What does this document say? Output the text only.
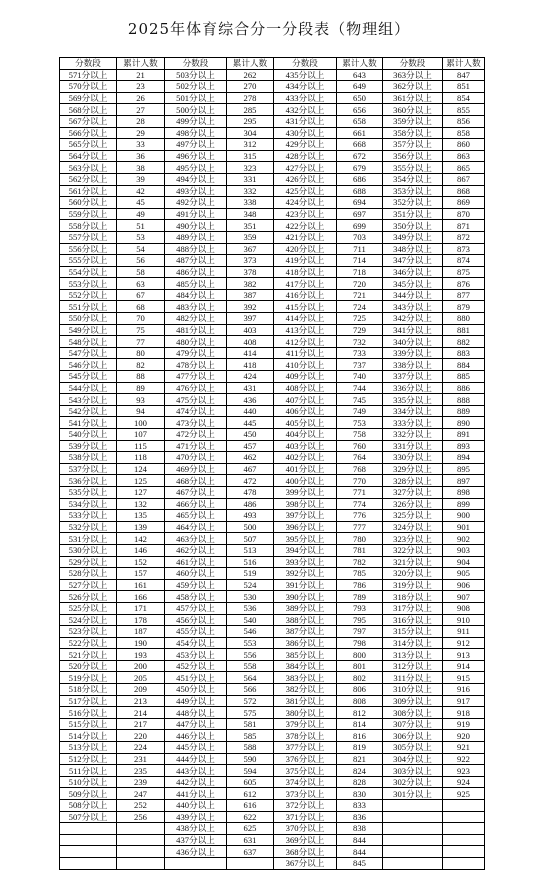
2025年体育综合分一分段表（物理组）
分数段	累计人数	分数段	累计人数	分数段	累计人数	分数段	累计人数
571分以上	21	503分以上	262	435分以上	643	363分以上	847
570分以上	23	502分以上	270	434分以上	649	362分以上	851
569分以上	26	501分以上	278	433分以上	650	361分以上	854
568分以上	27	500分以上	285	432分以上	656	360分以上	855
567分以上	28	499分以上	295	431分以上	658	359分以上	856
566分以上	29	498分以上	304	430分以上	661	358分以上	858
565分以上	33	497分以上	312	429分以上	668	357分以上	860
564分以上	36	496分以上	315	428分以上	672	356分以上	863
563分以上	38	495分以上	323	427分以上	679	355分以上	865
562分以上	39	494分以上	331	426分以上	686	354分以上	867
561分以上	42	493分以上	332	425分以上	688	353分以上	868
560分以上	45	492分以上	338	424分以上	694	352分以上	869
559分以上	49	491分以上	348	423分以上	697	351分以上	870
558分以上	51	490分以上	351	422分以上	699	350分以上	871
557分以上	53	489分以上	359	421分以上	703	349分以上	872
556分以上	54	488分以上	367	420分以上	711	348分以上	873
555分以上	56	487分以上	373	419分以上	714	347分以上	874
554分以上	58	486分以上	378	418分以上	718	346分以上	875
553分以上	63	485分以上	382	417分以上	720	345分以上	876
552分以上	67	484分以上	387	416分以上	721	344分以上	877
551分以上	68	483分以上	392	415分以上	724	343分以上	879
550分以上	70	482分以上	397	414分以上	725	342分以上	880
549分以上	75	481分以上	403	413分以上	729	341分以上	881
548分以上	77	480分以上	408	412分以上	732	340分以上	882
547分以上	80	479分以上	414	411分以上	733	339分以上	883
546分以上	82	478分以上	418	410分以上	737	338分以上	884
545分以上	88	477分以上	424	409分以上	740	337分以上	885
544分以上	89	476分以上	431	408分以上	744	336分以上	886
543分以上	93	475分以上	436	407分以上	745	335分以上	888
542分以上	94	474分以上	440	406分以上	749	334分以上	889
541分以上	100	473分以上	445	405分以上	753	333分以上	890
540分以上	107	472分以上	450	404分以上	758	332分以上	891
539分以上	115	471分以上	457	403分以上	760	331分以上	893
538分以上	118	470分以上	462	402分以上	764	330分以上	894
537分以上	124	469分以上	467	401分以上	768	329分以上	895
536分以上	125	468分以上	472	400分以上	770	328分以上	897
535分以上	127	467分以上	478	399分以上	771	327分以上	898
534分以上	132	466分以上	486	398分以上	774	326分以上	899
533分以上	135	465分以上	493	397分以上	776	325分以上	900
532分以上	139	464分以上	500	396分以上	777	324分以上	901
531分以上	142	463分以上	507	395分以上	780	323分以上	902
530分以上	146	462分以上	513	394分以上	781	322分以上	903
529分以上	152	461分以上	516	393分以上	782	321分以上	904
528分以上	157	460分以上	519	392分以上	785	320分以上	905
527分以上	161	459分以上	524	391分以上	786	319分以上	906
526分以上	166	458分以上	530	390分以上	789	318分以上	907
525分以上	171	457分以上	536	389分以上	793	317分以上	908
524分以上	178	456分以上	540	388分以上	795	316分以上	910
523分以上	187	455分以上	546	387分以上	797	315分以上	911
522分以上	190	454分以上	553	386分以上	798	314分以上	912
521分以上	193	453分以上	556	385分以上	800	313分以上	913
520分以上	200	452分以上	558	384分以上	801	312分以上	914
519分以上	205	451分以上	564	383分以上	802	311分以上	915
518分以上	209	450分以上	566	382分以上	806	310分以上	916
517分以上	213	449分以上	572	381分以上	808	309分以上	917
516分以上	214	448分以上	575	380分以上	812	308分以上	918
515分以上	217	447分以上	581	379分以上	814	307分以上	919
514分以上	220	446分以上	585	378分以上	816	306分以上	920
513分以上	224	445分以上	588	377分以上	819	305分以上	921
512分以上	231	444分以上	590	376分以上	821	304分以上	922
511分以上	235	443分以上	594	375分以上	824	303分以上	923
510分以上	239	442分以上	605	374分以上	828	302分以上	924
509分以上	247	441分以上	612	373分以上	830	301分以上	925
508分以上	252	440分以上	616	372分以上	833		
507分以上	256	439分以上	622	371分以上	836		
		438分以上	625	370分以上	838		
		437分以上	631	369分以上	844		
		436分以上	637	368分以上	844		
				367分以上	845		
